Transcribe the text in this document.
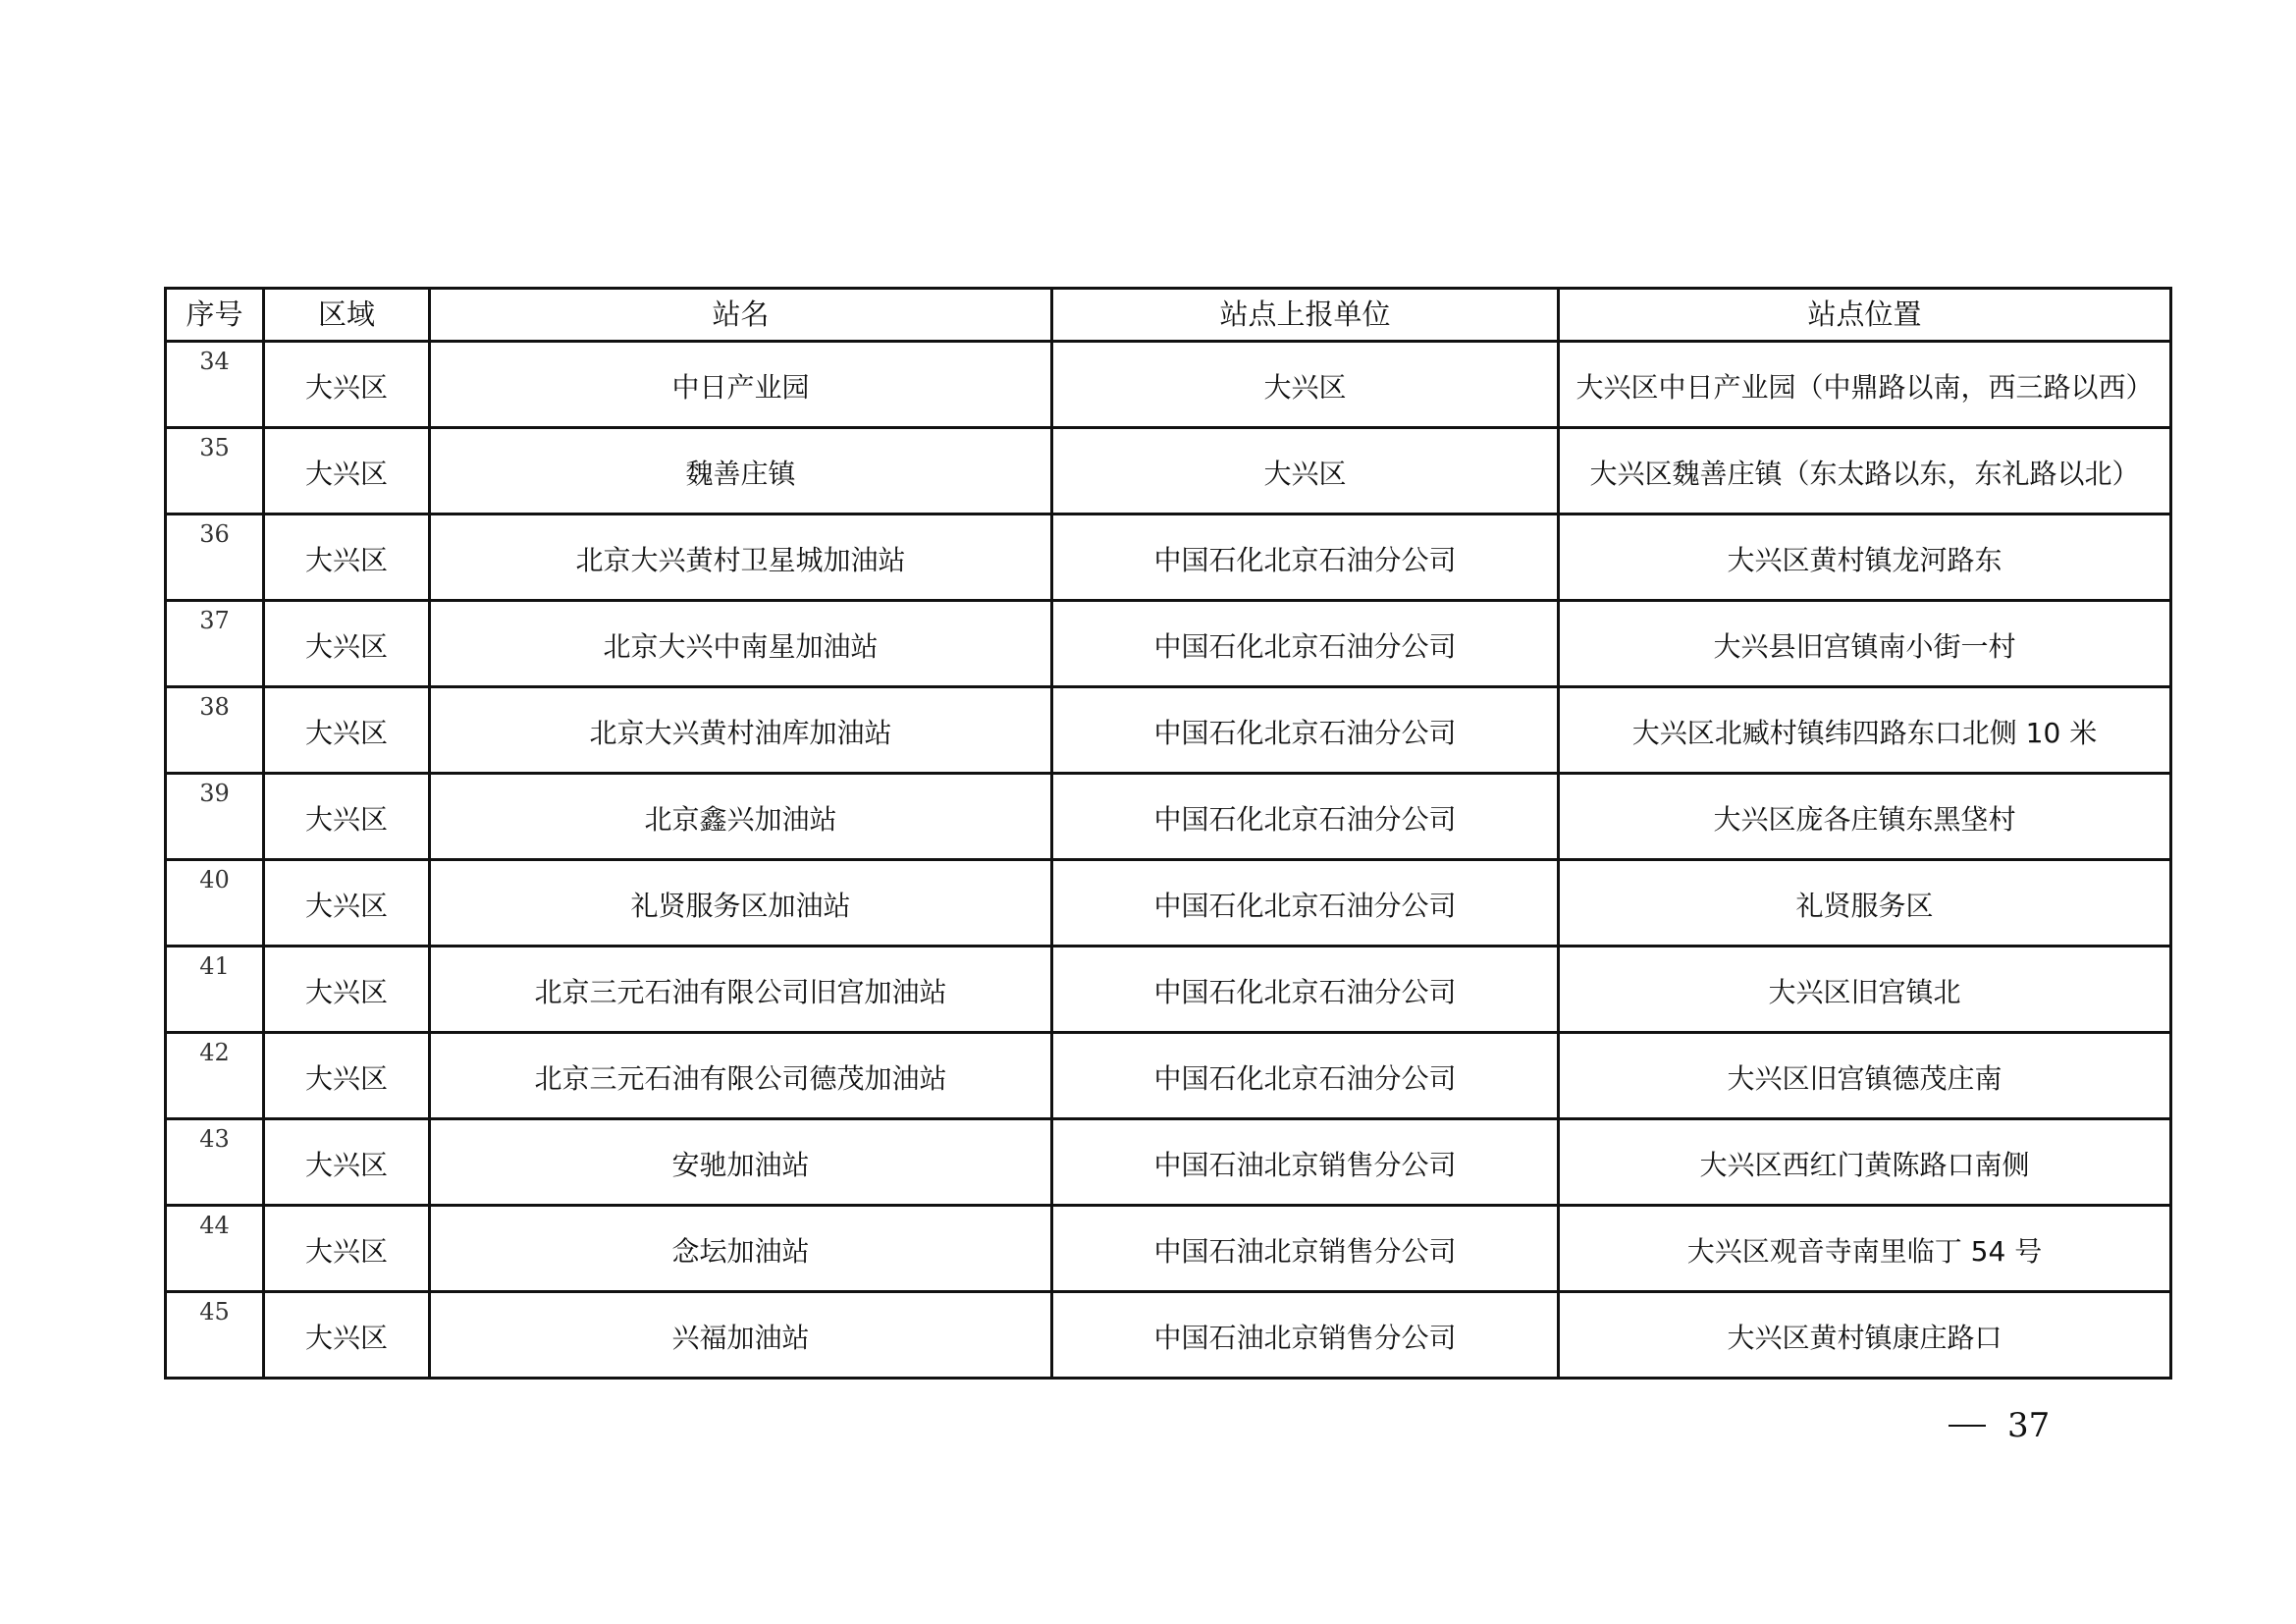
序号	区域	站名	站点上报单位	站点位置
34	大兴区	中日产业园	大兴区	大兴区中日产业园（中鼎路以南，西三路以西）
35	大兴区	魏善庄镇	大兴区	大兴区魏善庄镇（东太路以东，东礼路以北）
36	大兴区	北京大兴黄村卫星城加油站	中国石化北京石油分公司	大兴区黄村镇龙河路东
37	大兴区	北京大兴中南星加油站	中国石化北京石油分公司	大兴县旧宫镇南小街一村
38	大兴区	北京大兴黄村油库加油站	中国石化北京石油分公司	大兴区北臧村镇纬四路东口北侧 10 米
39	大兴区	北京鑫兴加油站	中国石化北京石油分公司	大兴区庞各庄镇东黑垡村
40	大兴区	礼贤服务区加油站	中国石化北京石油分公司	礼贤服务区
41	大兴区	北京三元石油有限公司旧宫加油站	中国石化北京石油分公司	大兴区旧宫镇北
42	大兴区	北京三元石油有限公司德茂加油站	中国石化北京石油分公司	大兴区旧宫镇德茂庄南
43	大兴区	安驰加油站	中国石油北京销售分公司	大兴区西红门黄陈路口南侧
44	大兴区	念坛加油站	中国石油北京销售分公司	大兴区观音寺南里临丁 54 号
45	大兴区	兴福加油站	中国石油北京销售分公司	大兴区黄村镇康庄路口
37
